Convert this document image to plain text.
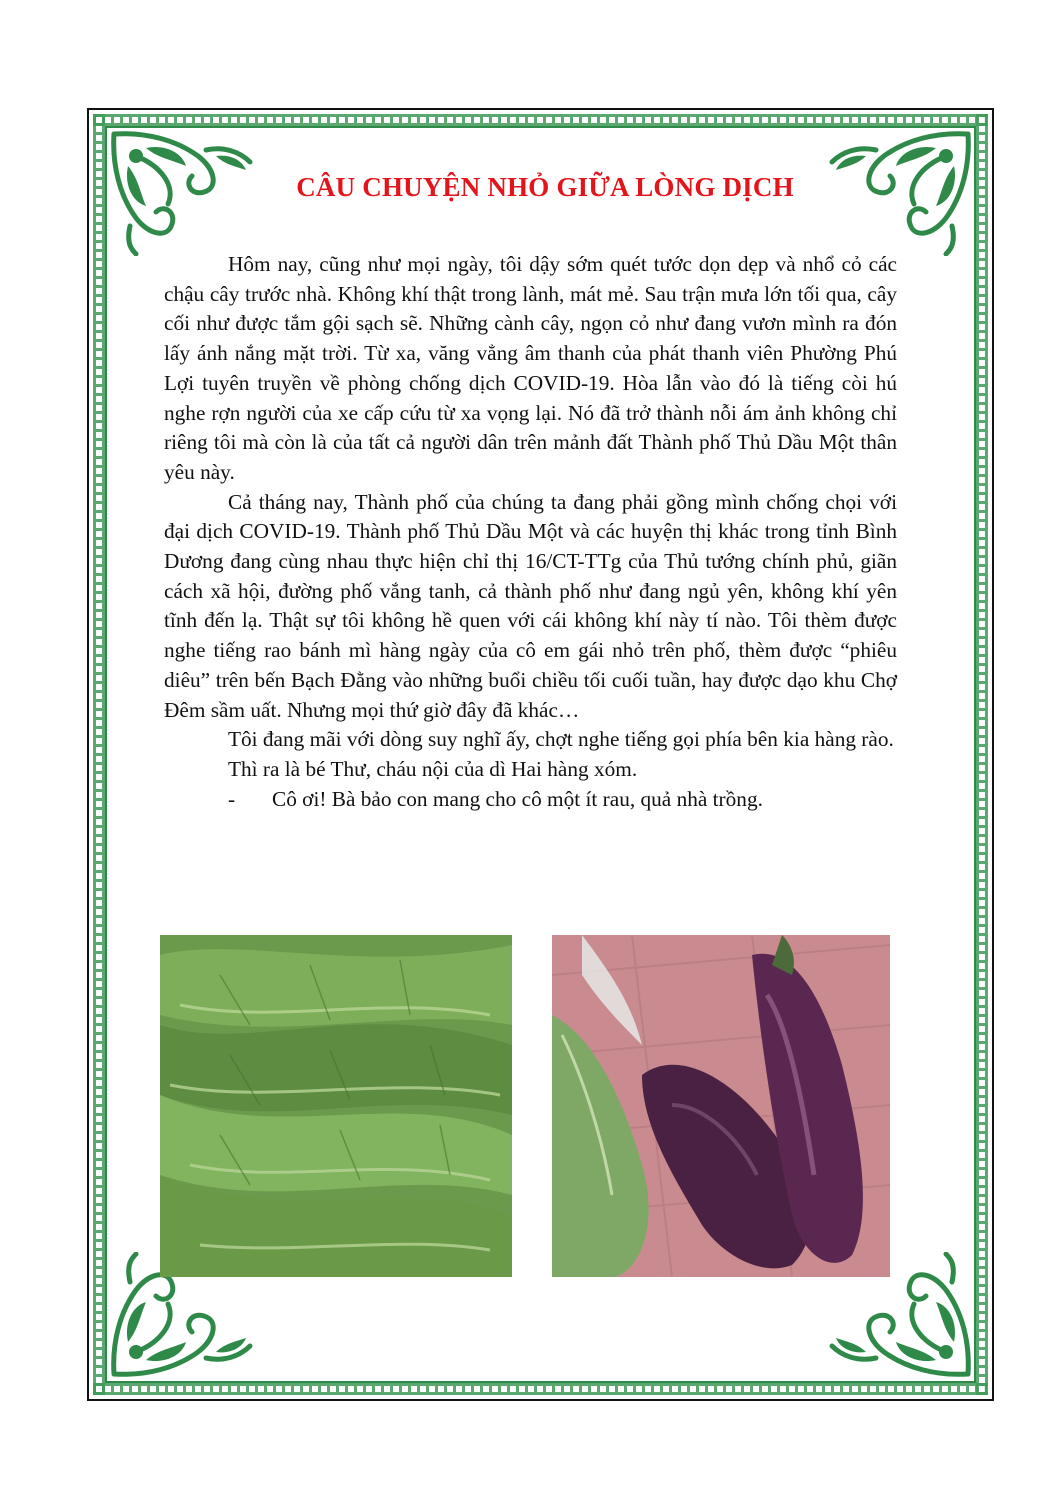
CÂU CHUYỆN NHỎ GIỮA LÒNG DỊCH

Hôm nay, cũng như mọi ngày, tôi dậy sớm quét tước dọn dẹp và nhổ cỏ các chậu cây trước nhà. Không khí thật trong lành, mát mẻ. Sau trận mưa lớn tối qua, cây cối như được tắm gội sạch sẽ. Những cành cây, ngọn cỏ như đang vươn mình ra đón lấy ánh nắng mặt trời. Từ xa, văng vẳng âm thanh của phát thanh viên Phường Phú Lợi tuyên truyền về phòng chống dịch COVID-19. Hòa lẫn vào đó là tiếng còi hú nghe rợn người của xe cấp cứu từ xa vọng lại. Nó đã trở thành nỗi ám ảnh không chỉ riêng tôi mà còn là của tất cả người dân trên mảnh đất Thành phố Thủ Dầu Một thân yêu này.

Cả tháng nay, Thành phố của chúng ta đang phải gồng mình chống chọi với đại dịch COVID-19. Thành phố Thủ Dầu Một và các huyện thị khác trong tỉnh Bình Dương đang cùng nhau thực hiện chỉ thị 16/CT-TTg của Thủ tướng chính phủ, giãn cách xã hội, đường phố vắng tanh, cả thành phố như đang ngủ yên, không khí yên tĩnh đến lạ. Thật sự tôi không hề quen với cái không khí này tí nào. Tôi thèm được nghe tiếng rao bánh mì hàng ngày của cô em gái nhỏ trên phố, thèm được “phiêu diêu” trên bến Bạch Đằng vào những buổi chiều tối cuối tuần, hay được dạo khu Chợ Đêm sầm uất. Nhưng mọi thứ giờ đây đã khác…

Tôi đang mãi với dòng suy nghĩ ấy, chợt nghe tiếng gọi phía bên kia hàng rào.

Thì ra là bé Thư, cháu nội của dì Hai hàng xóm.

- Cô ơi! Bà bảo con mang cho cô một ít rau, quả nhà trồng.
